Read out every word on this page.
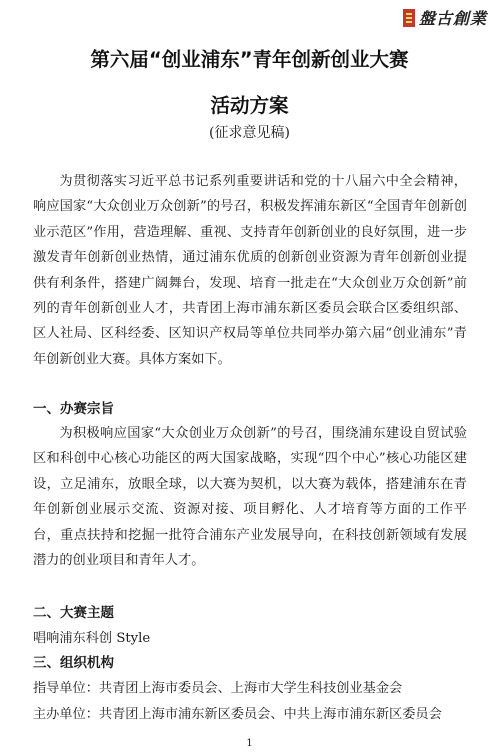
盤古創業
第六届“创业浦东”青年创新创业大赛
活动方案

(征求意见稿)

为贯彻落实习近平总书记系列重要讲话和党的十八届六中全会精神，响应国家“大众创业万众创新”的号召，积极发挥浦东新区“全国青年创新创业示范区”作用，营造理解、重视、支持青年创新创业的良好氛围，进一步激发青年创新创业热情，通过浦东优质的创新创业资源为青年创新创业提供有利条件，搭建广阔舞台，发现、培育一批走在“大众创业万众创新”前列的青年创新创业人才，共青团上海市浦东新区委员会联合区委组织部、区人社局、区科经委、区知识产权局等单位共同举办第六届“创业浦东”青年创新创业大赛。具体方案如下。

一、办赛宗旨

为积极响应国家“大众创业万众创新”的号召，围绕浦东建设自贸试验区和科创中心核心功能区的两大国家战略，实现“四个中心”核心功能区建设，立足浦东，放眼全球，以大赛为契机，以大赛为载体，搭建浦东在青年创新创业展示交流、资源对接、项目孵化、人才培育等方面的工作平台，重点扶持和挖掘一批符合浦东产业发展导向，在科技创新领域有发展潜力的创业项目和青年人才。

二、大赛主题

唱响浦东科创 Style

三、组织机构

指导单位：共青团上海市委员会、上海市大学生科技创业基金会

主办单位：共青团上海市浦东新区委员会、中共上海市浦东新区委员会

1
